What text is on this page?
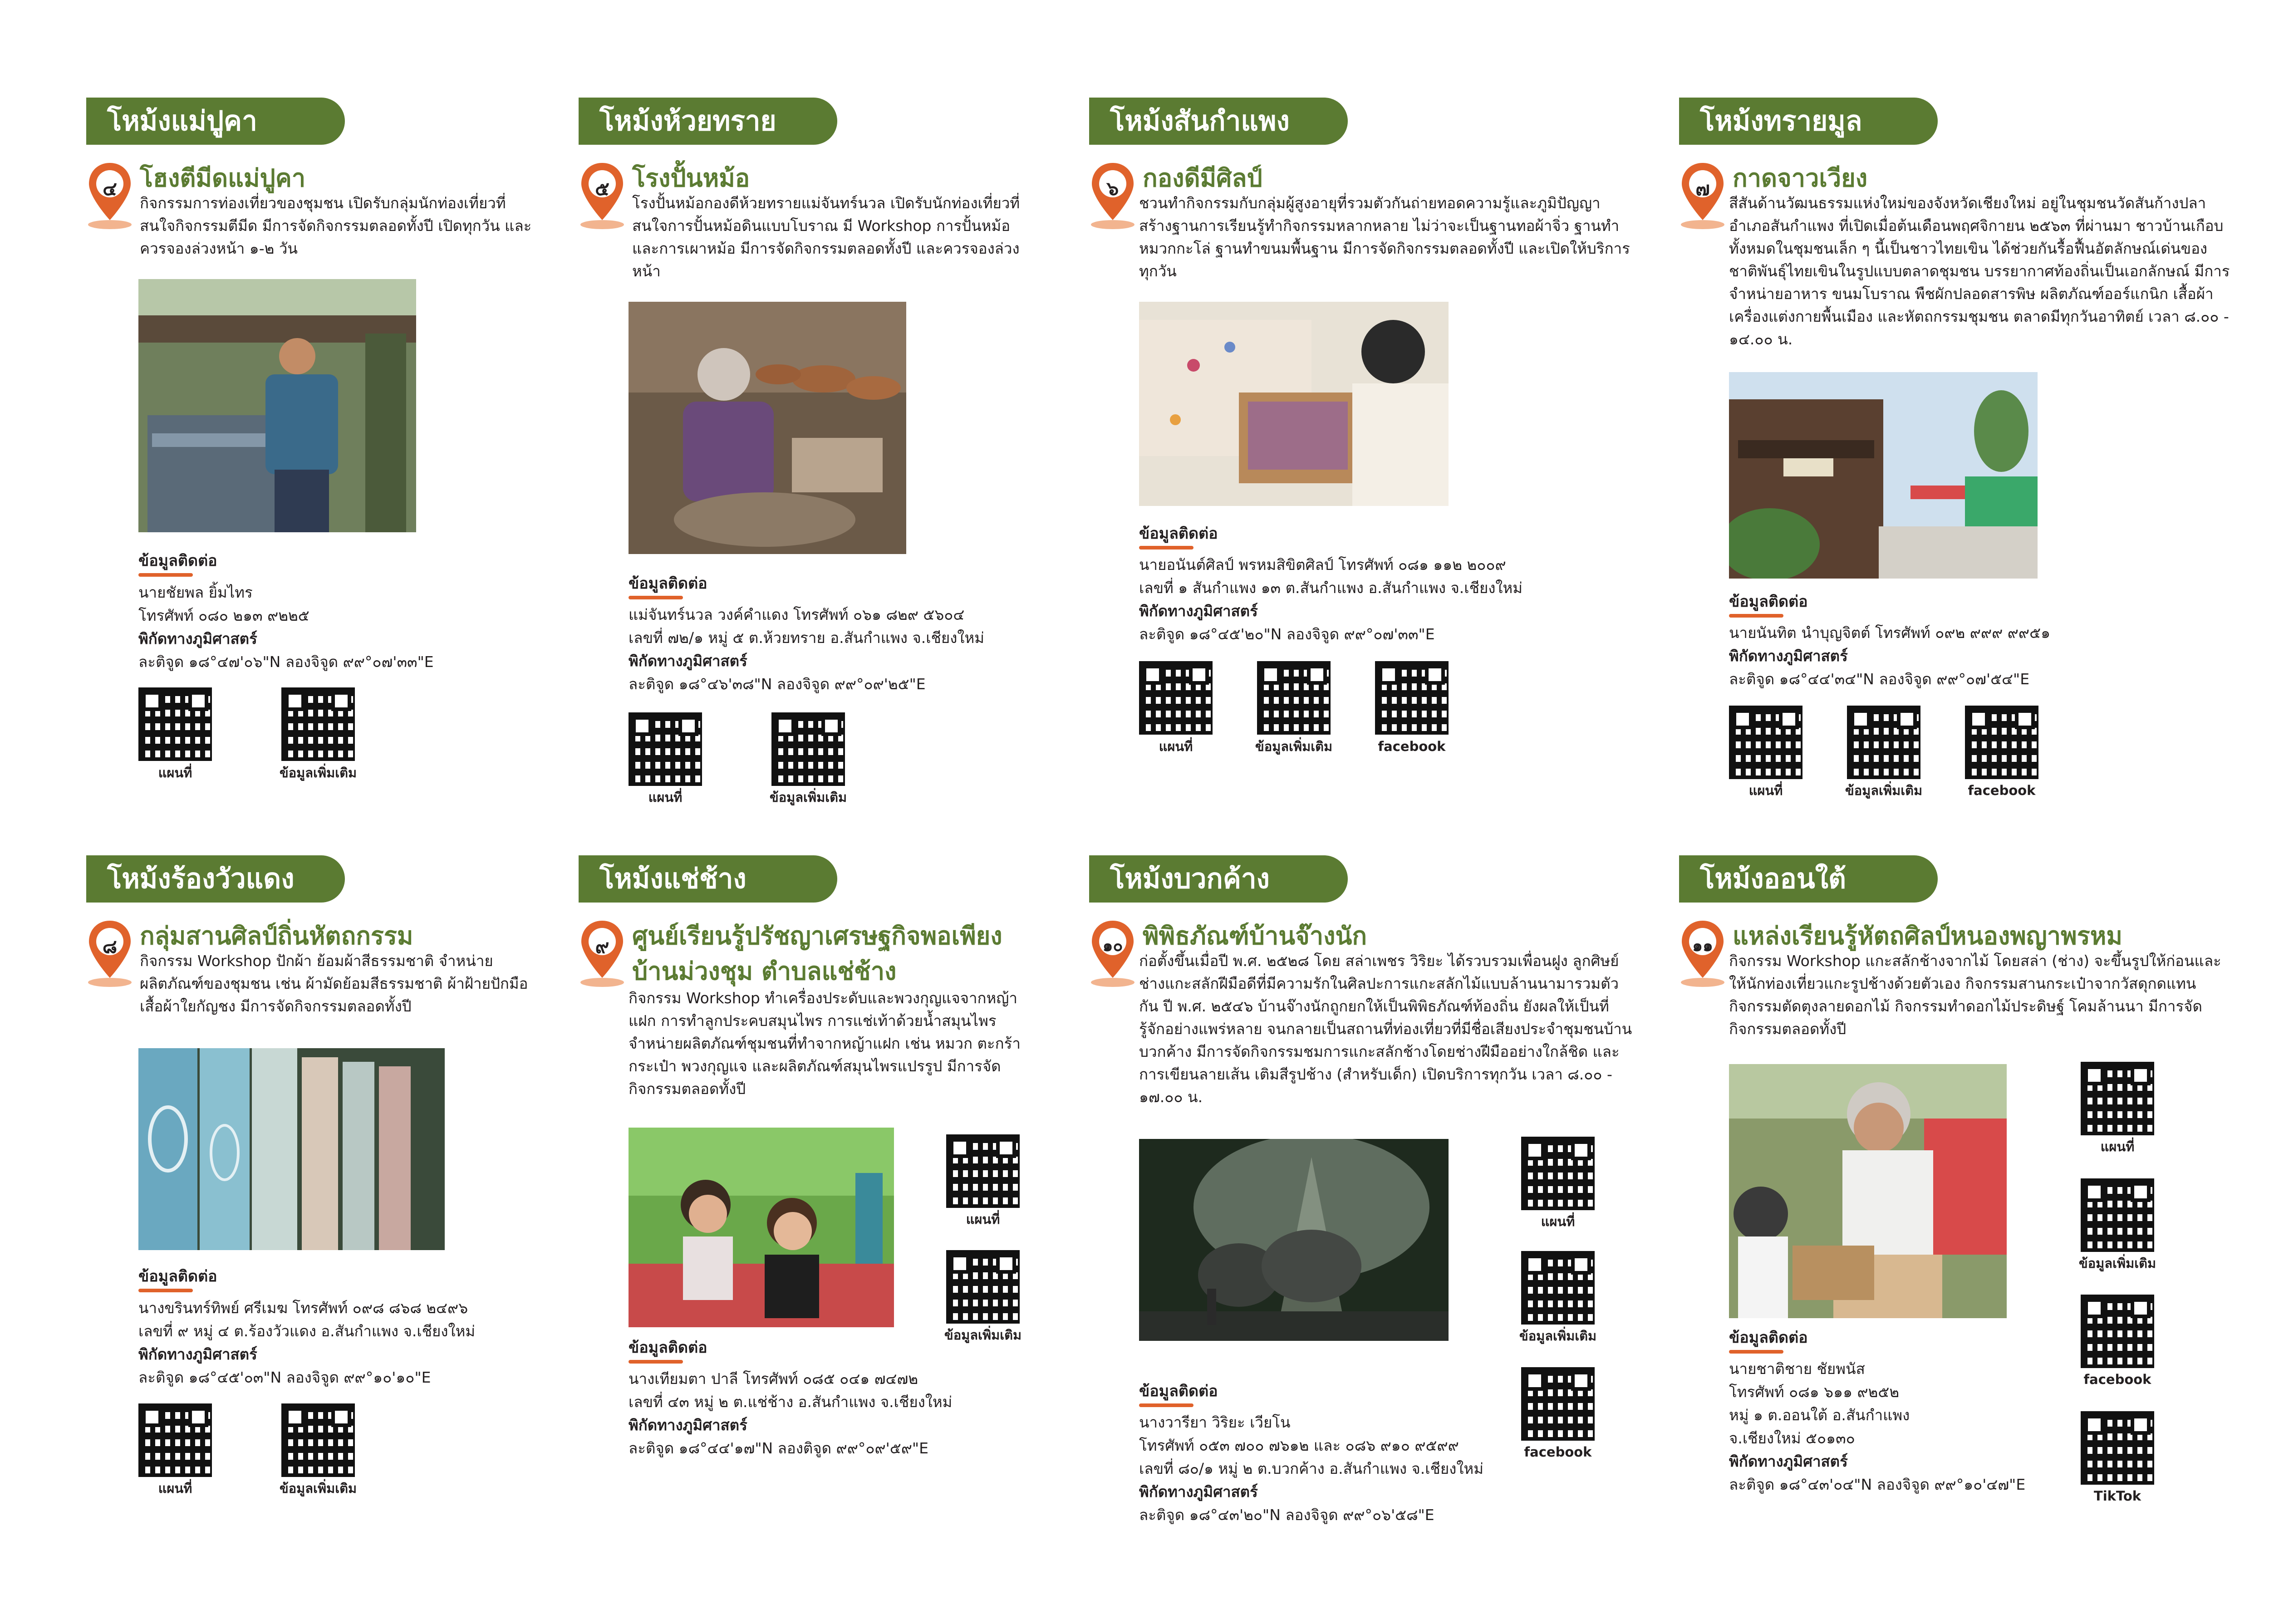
โหม้งแม่ปูคา
๔ โฮงตีมีดแม่ปูคา
กิจกรรมการท่องเที่ยวของชุมชน เปิดรับกลุ่มนักท่องเที่ยวที่สนใจกิจกรรมตีมีด มีการจัดกิจกรรมตลอดทั้งปี เปิดทุกวัน และควรจองล่วงหน้า ๑-๒ วัน
ข้อมูลติดต่อ
นายชัยพล ยิ้มไทร
โทรศัพท์ ๐๘๐ ๒๑๓ ๙๒๒๕
พิกัดทางภูมิศาสตร์
ละติจูด ๑๘°๔๗'๐๖"N ลองจิจูด ๙๙°๐๗'๓๓"E
แผนที่	ข้อมูลเพิ่มเติม
โหม้งห้วยทราย
๕ โรงปั้นหม้อ
โรงปั้นหม้อกองดีห้วยทรายแม่จันทร์นวล เปิดรับนักท่องเที่ยวที่สนใจการปั้นหม้อดินแบบโบราณ มี Workshop การปั้นหม้อ และการเผาหม้อ มีการจัดกิจกรรมตลอดทั้งปี และควรจองล่วงหน้า
ข้อมูลติดต่อ
แม่จันทร์นวล วงค์คำแดง โทรศัพท์ ๐๖๑ ๘๒๙ ๕๖๐๔
เลขที่ ๗๒/๑ หมู่ ๕ ต.ห้วยทราย อ.สันกำแพง จ.เชียงใหม่
พิกัดทางภูมิศาสตร์
ละติจูด ๑๘°๔๖'๓๘"N ลองจิจูด ๙๙°๐๙'๒๕"E
แผนที่	ข้อมูลเพิ่มเติม
โหม้งสันกำแพง
๖ กองดีมีศิลป์
ชวนทำกิจกรรมกับกลุ่มผู้สูงอายุที่รวมตัวกันถ่ายทอดความรู้และภูมิปัญญา สร้างฐานการเรียนรู้ทำกิจกรรมหลากหลาย ไม่ว่าจะเป็นฐานทอผ้าจิ่ว ฐานทำหมวกกะโล่ ฐานทำขนมพื้นฐาน มีการจัดกิจกรรมตลอดทั้งปี และเปิดให้บริการทุกวัน
ข้อมูลติดต่อ
นายอนันต์ศิลป์ พรหมสิขิตศิลป์ โทรศัพท์ ๐๘๑ ๑๑๒ ๒๐๐๙
เลขที่ ๑ สันกำแพง ๑๓ ต.สันกำแพง อ.สันกำแพง จ.เชียงใหม่
พิกัดทางภูมิศาสตร์
ละติจูด ๑๘°๔๕'๒๐"N ลองจิจูด ๙๙°๐๗'๓๓"E
แผนที่	ข้อมูลเพิ่มเติม	facebook
โหม้งทรายมูล
๗ กาดจาวเวียง
สีสันด้านวัฒนธรรมแห่งใหม่ของจังหวัดเชียงใหม่ อยู่ในชุมชนวัดสันก้างปลา อำเภอสันกำแพง ที่เปิดเมื่อต้นเดือนพฤศจิกายน ๒๕๖๓ ที่ผ่านมา ชาวบ้านเกือบทั้งหมดในชุมชนเล็ก ๆ นี้เป็นชาวไทยเขิน ได้ช่วยกันรื้อฟื้นอัตลักษณ์เด่นของชาติพันธุ์ไทยเขินในรูปแบบตลาดชุมชน บรรยากาศท้องถิ่นเป็นเอกลักษณ์ มีการจำหน่ายอาหาร ขนมโบราณ พืชผักปลอดสารพิษ ผลิตภัณฑ์ออร์แกนิก เสื้อผ้าเครื่องแต่งกายพื้นเมือง และหัตถกรรมชุมชน ตลาดมีทุกวันอาทิตย์ เวลา ๘.๐๐ - ๑๔.๐๐ น.
ข้อมูลติดต่อ
นายนันทิต นำบุญจิตต์ โทรศัพท์ ๐๙๒ ๙๙๙ ๙๙๕๑
พิกัดทางภูมิศาสตร์
ละติจูด ๑๘°๔๔'๓๔"N ลองจิจูด ๙๙°๐๗'๕๔"E
แผนที่	ข้อมูลเพิ่มเติม	facebook
โหม้งร้องวัวแดง
๘ กลุ่มสานศิลป์ถิ่นหัตถกรรม
กิจกรรม Workshop ปักผ้า ย้อมผ้าสีธรรมชาติ จำหน่ายผลิตภัณฑ์ของชุมชน เช่น ผ้ามัดย้อมสีธรรมชาติ ผ้าฝ้ายปักมือ เสื้อผ้าใยกัญชง มีการจัดกิจกรรมตลอดทั้งปี
ข้อมูลติดต่อ
นางขรินทร์ทิพย์ ศรีเมฆ โทรศัพท์ ๐๙๘ ๘๖๘ ๒๔๙๖
เลขที่ ๙ หมู่ ๔ ต.ร้องวัวแดง อ.สันกำแพง จ.เชียงใหม่
พิกัดทางภูมิศาสตร์
ละติจูด ๑๘°๔๕'๐๓"N ลองจิจูด ๙๙°๑๐'๑๐"E
แผนที่	ข้อมูลเพิ่มเติม
โหม้งแช่ช้าง
๙ ศูนย์เรียนรู้ปรัชญาเศรษฐกิจพอเพียงบ้านม่วงชุม ตำบลแช่ช้าง
กิจกรรม Workshop ทำเครื่องประดับและพวงกุญแจจากหญ้าแฝก การทำลูกประคบสมุนไพร การแช่เท้าด้วยน้ำสมุนไพร จำหน่ายผลิตภัณฑ์ชุมชนที่ทำจากหญ้าแฝก เช่น หมวก ตะกร้า กระเป๋า พวงกุญแจ และผลิตภัณฑ์สมุนไพรแปรรูป มีการจัดกิจกรรมตลอดทั้งปี
แผนที่
ข้อมูลเพิ่มเติม
ข้อมูลติดต่อ
นางเทียมตา ปาลี โทรศัพท์ ๐๘๕ ๐๔๑ ๗๔๗๒
เลขที่ ๔๓ หมู่ ๒ ต.แช่ช้าง อ.สันกำแพง จ.เชียงใหม่
พิกัดทางภูมิศาสตร์
ละติจูด ๑๘°๔๔'๑๗"N ลองติจูด ๙๙°๐๙'๕๙"E
โหม้งบวกค้าง
๑๐ พิพิธภัณฑ์บ้านจ๊างนัก
ก่อตั้งขึ้นเมื่อปี พ.ศ. ๒๕๒๘ โดย สล่าเพชร วิริยะ ได้รวบรวมเพื่อนฝูง ลูกศิษย์ ช่างแกะสลักฝีมือดีที่มีความรักในศิลปะการแกะสลักไม้แบบล้านนามารวมตัวกัน ปี พ.ศ. ๒๕๔๖ บ้านจ๊างนักถูกยกให้เป็นพิพิธภัณฑ์ท้องถิ่น ยังผลให้เป็นที่รู้จักอย่างแพร่หลาย จนกลายเป็นสถานที่ท่องเที่ยวที่มีชื่อเสียงประจำชุมชนบ้านบวกค้าง มีการจัดกิจกรรมชมการแกะสลักช้างโดยช่างฝีมืออย่างใกล้ชิด และการเขียนลายเส้น เติมสีรูปช้าง (สำหรับเด็ก) เปิดบริการทุกวัน เวลา ๘.๐๐ - ๑๗.๐๐ น.
แผนที่
ข้อมูลเพิ่มเติม
facebook
ข้อมูลติดต่อ
นางวารียา วิริยะ เวียโน
โทรศัพท์ ๐๕๓ ๗๐๐ ๗๖๑๒ และ ๐๘๖ ๙๑๐ ๙๕๙๙
เลขที่ ๘๐/๑ หมู่ ๒ ต.บวกค้าง อ.สันกำแพง จ.เชียงใหม่
พิกัดทางภูมิศาสตร์
ละติจูด ๑๘°๔๓'๒๐"N ลองจิจูด ๙๙°๐๖'๕๘"E
โหม้งออนใต้
๑๑ แหล่งเรียนรู้หัตถศิลป์หนองพญาพรหม
กิจกรรม Workshop แกะสลักช้างจากไม้ โดยสล่า (ช่าง) จะขึ้นรูปให้ก่อนและให้นักท่องเที่ยวแกะรูปช้างด้วยตัวเอง กิจกรรมสานกระเป๋าจากวัสดุกดแทน กิจกรรมตัดตุงลายดอกไม้ กิจกรรมทำดอกไม้ประดิษฐ์ โคมล้านนา มีการจัดกิจกรรมตลอดทั้งปี
แผนที่
ข้อมูลเพิ่มเติม
facebook
TikTok
ข้อมูลติดต่อ
นายชาติชาย ชัยพนัส
โทรศัพท์ ๐๘๑ ๖๑๑ ๙๒๕๒
หมู่ ๑ ต.ออนใต้ อ.สันกำแพง
จ.เชียงใหม่ ๕๐๑๓๐
พิกัดทางภูมิศาสตร์
ละติจูด ๑๘°๔๓'๐๔"N ลองจิจูด ๙๙°๑๐'๔๗"E
